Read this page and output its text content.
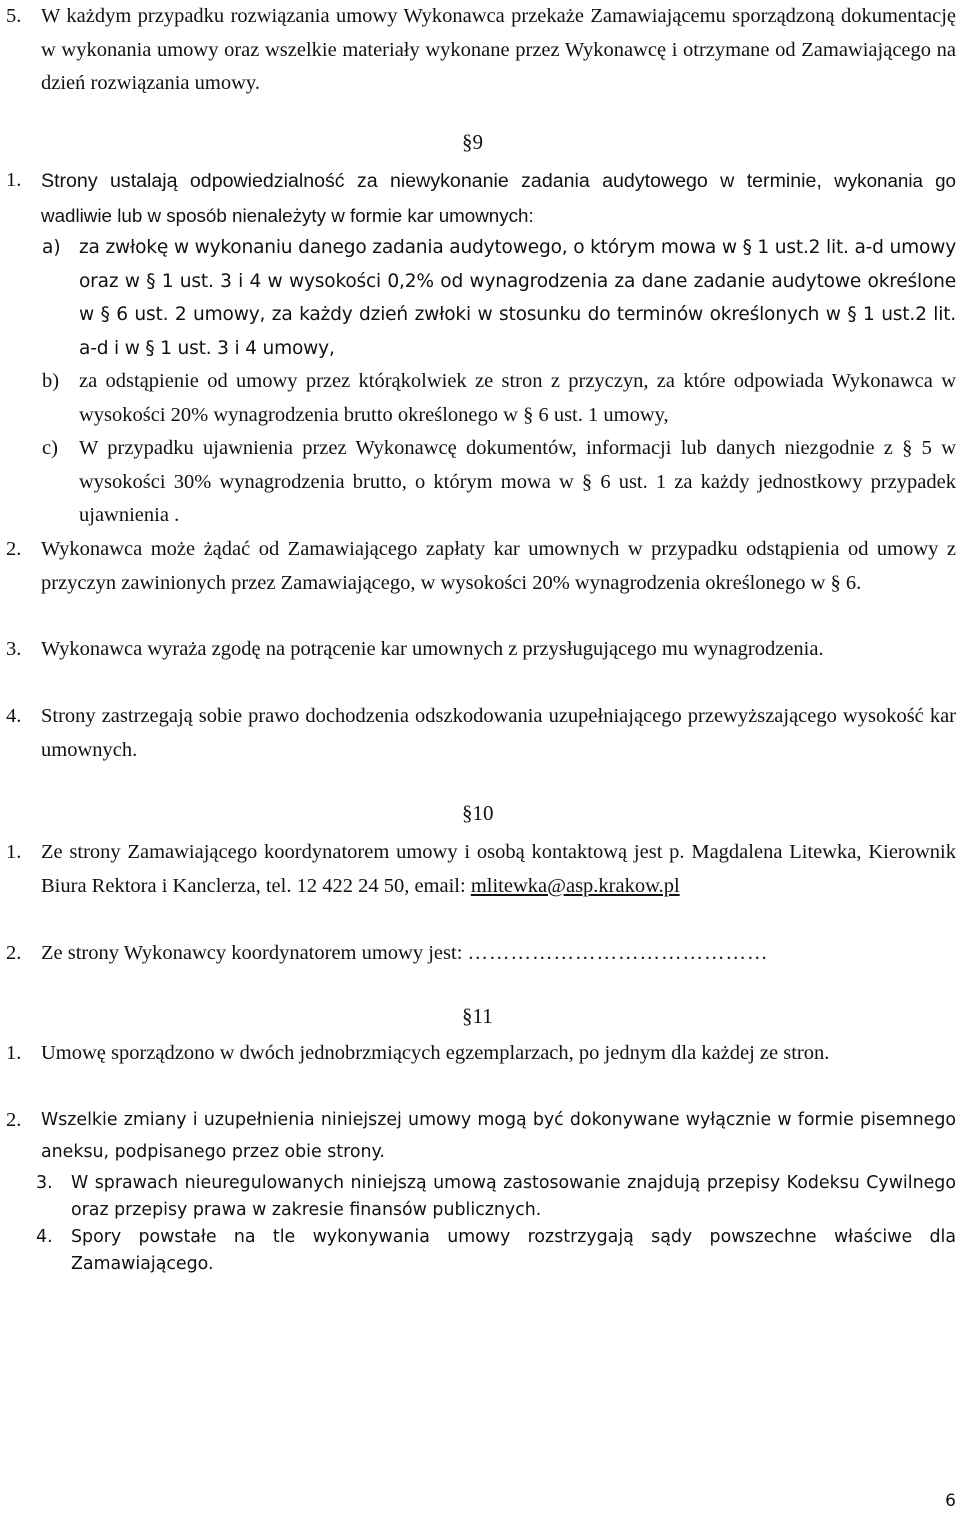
5. W każdym przypadku rozwiązania umowy Wykonawca przekaże Zamawiającemu sporządzoną dokumentację w wykonania umowy oraz wszelkie materiały wykonane przez Wykonawcę i otrzymane od Zamawiającego na dzień rozwiązania umowy.
§9
1.	Strony ustalają odpowiedzialność za niewykonanie zadania audytowego w terminie, wykonania go wadliwie lub w sposób nienależyty w formie kar umownych:
a) za zwłokę w wykonaniu danego zadania audytowego, o którym mowa w § 1 ust.2 lit. a-d umowy oraz w § 1 ust. 3 i 4 w wysokości 0,2% od wynagrodzenia za dane zadanie audytowe określone w § 6 ust. 2 umowy, za każdy dzień zwłoki w stosunku do terminów określonych w § 1 ust.2 lit. a-d i w § 1 ust. 3 i 4 umowy,
b) za odstąpienie od umowy przez którąkolwiek ze stron z przyczyn, za które odpowiada Wykonawca w wysokości 20% wynagrodzenia brutto określonego w § 6 ust. 1 umowy,
c)	W przypadku ujawnienia przez Wykonawcę dokumentów, informacji lub danych niezgodnie z § 5 w wysokości 30% wynagrodzenia brutto, o którym mowa w § 6 ust. 1 za każdy jednostkowy przypadek ujawnienia .
2. Wykonawca może żądać od Zamawiającego zapłaty kar umownych w przypadku odstąpienia od umowy z przyczyn zawinionych przez Zamawiającego, w wysokości 20% wynagrodzenia określonego w § 6.
3. Wykonawca wyraża zgodę na potrącenie kar umownych z przysługującego mu wynagrodzenia.
4. Strony zastrzegają sobie prawo dochodzenia odszkodowania uzupełniającego przewyższającego wysokość kar umownych.
§10
1. Ze strony Zamawiającego koordynatorem umowy i osobą kontaktową jest p. Magdalena Litewka, Kierownik Biura Rektora i Kanclerza, tel. 12 422 24 50, email: mlitewka@asp.krakow.pl
2. Ze strony Wykonawcy koordynatorem umowy jest: ……………………………………
§11
1. Umowę sporządzono w dwóch jednobrzmiących egzemplarzach, po jednym dla każdej ze stron.
2.	Wszelkie zmiany i uzupełnienia niniejszej umowy mogą być dokonywane wyłącznie w formie pisemnego aneksu, podpisanego przez obie strony.
3.	W sprawach nieuregulowanych niniejszą umową zastosowanie znajdują przepisy Kodeksu Cywilnego oraz przepisy prawa w zakresie finansów publicznych.
4.	Spory powstałe na tle wykonywania umowy rozstrzygają sądy powszechne właściwe dla Zamawiającego.
6
